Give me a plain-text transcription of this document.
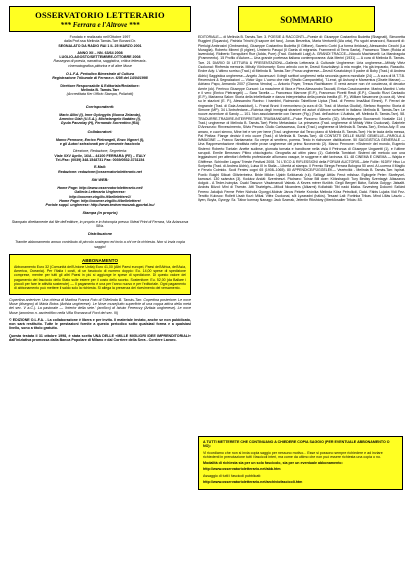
OSSERVATORIO LETTERARIO
*** Ferrara e l'Altrove ***

Fondato e realizzato nell'Ottobre 1997

dalla Prof.ssa Melinda Tamás-Tarr Bonani Dr.

SEGNALATO DA RADIO RAI 1 IL 25 MARZO 2001

ANNO XII – NN. 63/64 2008

LUGLIO-AGOSTO/SETTEMBRE-OTTOBRE 2008

Rassegna di poesia, narrativa, saggistica, critica letteraria-

cinematografica-pittorica e di altre Muse

O.L.F.A. Periodico Bimestrale di Cultura

Registrazione Tribunale di Ferrara n. 6/98 del 14/04/1998

Direttore Responsabile & Editoriale/Redattore:

Melinda B. Tamás-Tarr

(Accreditata Ker Ufficio Stampa, Poliziotti)

Corrispondenti:

Mario Allini (I), Imre Gyöngyös (Nuova Zelanda),

Americo Olah (U.S.A.), Michelangelo Naddeo (I),

Gyula Paczolay (H), Fernando Sorrentino (RA)

Collaboratori:

Marco Pennone, Enrico Pietrangeli, Enzo Vigneri (I),

e gli Autori selezionati per il presente fascicolo

Direzione, Redazione, Segreteria:

Viale XXV Aprile, 16/A – 44100 FERRARA (FE) – ITALY

Tel./Fax: (0039) 348.1548731 Fax: 0039/0532.3731154

E-Mail:

Redazione: redazione@osservatorioletterario.net

Siti WEB:

Home Page: http://www.osservatorioletterario.net/

Galleria Letteraria Ungherese:

http://xoomer.virgilio.it/bellelettere1/

Home Page: http://xoomer.virgilio.it/bellelettere/

Portale suppl. ungherese: http://www.testvermuszak.gportal.hu/

Stampa (in proprio)

Stampato direttamente dal file dell'editore, in proprio e in fotocopia presso l'Ideal Print di Ferrara, Via Arianuova 58/a.

Distribuzione

Tramite abbonamento annuo contributo di piccolo sostegno ed invio a chi ne fa richiesta. Non si invia copia saggio!

ABBONAMENTO
Abbonamento Euro 32 (Comunità dell'Unione Unita) Euro 41,00 (Altri Paesi europei, Paesi dell'Africa, dell'Asia, America, Oceania). Per l'Italia i costi, di un fascicolo di numero doppio: Eu. 14,00 spese di spedizione comprese, mentre per tutti gli altri Paesi in più si aggiunge le spese di spedizione. Di questo valore del pagamento del fascicolo dello Stato sulle estere per il costo dello sconto. Sostenitore: Eu. 52,00 (da Ballare i piccoli per fare le attività sostenute) — Il pagamento è una per l'anno nuovo e per l'editoriale. Ogni pagamento di abbonamento può mettere il saldo solo la richiesta. Si allega la presenza del ricevimento del versamento.

Copertina anteriore: Una chiesa di Martina Franca Foto di ©Melinda B. Tamás-Tarr. Copertina posteriore: Le nove Muse (disegno) di Mária Botos (Artista ungherese). Le Nove muse(tutto superficie di una coppa attica della metà del sec. V a.C.). La pastorale — 'Interior della sete.' (acrilico) di István Ferenczy (Artista ungherese). Le nove Muse (anonimo n. ascientifico nella Villa Romana di Ford del sec. III)

© EDIZIONE O.L.F.A. - La collaborazione è libera e per invito. Il materiale inviato, anche se non pubblicato, non sarà restituito. Tutte le prestazioni fornite a questo periodico sotto qualsiasi forma e a qualsiasi livello, sono a titolo gratuito.

Questa testata il 31 ottobre 1998, è stata scelta UNA DELLE «MILLE MIGLIORI IDEE IMPRENDITORIALI» dall'iniziativa promossa dalla Banca Popolare di Milano e dal Corriere della Sera - Corriere Lavoro.

SOMMARIO
EDITORIALE— di Melinda B. Tamás-Tarr. 3. POESIE & RACCONTI—Poesie di: Giuseppe Costantino Budetta (Sbagnati), Simonetta Ruggieri (Squarcio), Patrizia Trinchi (Il sapore del faro), Jonas Berzelius, Maria Venturelli (Ala orta), Pio sgubi amarcord, Raccontl di: Pierluigi Ambrosini (Ombramba), Giuseppe Costantino Budetta (Il Giffone), Saverio Corbi (La forma ibridosa), Alessandro Cecchi (La Muraglia). Roberto Mineni (Il pigiee), Umberto Pasqui (Il Gaeta di migranta. Frammenti di Terra Santa), Francesco Tilsen (Rolda al lavendola). Ridberto Tornquikeri Rue (Adda, Pure) (Trad. Giobbatii Luigi) A. GRANDI TRACCE—Niccolò Machiavelli: La Mandragola (Frammento). 15 Profilo d'Autore— Una grande poetessa italiana contemporanea: Ada Merini (1931) — A cura di Melinda B. Tamás-Tarr. 21 DIARIO DI LETTURA & PRESENTAZIONI—Galleria Letteraria & Culturale Ungherese: Liria ungherese—Mihály Vitéz Csokonai: Rinfresta memoria. Mihály Vörösmarty: Sono arbrolo con te, Dezső Kosztolányi: A mia moglie, Ha già imparato, Rassolto. Endre Ady: L'ultimo sorriso (Trad.) di Melinda B. Tamás-Tarr; Prosa ungherese—Dezső Kosztolányi: Il padre di Boby (Trad.) di Andrea Aldric) Saggistica ungherese—Angelo Jacomuzzi: Il degli scrittori ungheresi nella seconda guerra mondiale (24) — A cura di M.T.T.B. Recensioni & Segnalazioni — Victor Ugo: L'uomo che ride (Stralio Campaniello), T.Lenzi, gli Ashurqi e Marsentus (Gisele Manan) — Adriano Papo, Armando 2007 (Gianna Vendra) — Antonio Poyer, Tresus Rachtkaner: E verrà amore non c'è coscienza, di decatur Amrie (ok). Ferrinco Giuseppe Cursoni: La maschere di Ilicra e Pirea Alessandro Taccaiti, Errica Cosciosamine. Marina Mantini: L'orto e il vero (Enrico Pietrangeli) — Sara Tavella — Francesco Marrone (E.P.), Francesco Pivetti Reuti (E.P.), Claudio Rizzi Cantadio (E.P.), Marianna Salon: Storia della intellettuale e danza interpretativa della poesia inedita (E. P.), William Navarrone (a cura di). Versi su le stazioni (E. P.), Alessandro Ravino: I bambini, Raimondo Tabellione Lipica (Trad. di Ferenc ImaAlkai Eimmi), F. Ferrari de ringrande (Trad. di Gaia Amadoluri), L. Franzi Bruni: Il nemonismo (a cura di Gt. Trad. di Monica Giudici), Stefano Hogmiro: Storia di Simone (MP). 34 L'Antrofedane—Rubrica degli immigrati stranieri ed autori d'Altrove scriventi in italiano: Melinda B. Tamás-Tarr: Le nuove avventure di Sandy — 101. Non assolutamente con l'amore (Fig.) (Trad. dell'autrice: L'Autista, aff. Melinda B. Tamás-Tarr). 58. TRADURRE-TRADIRE-INTERPRETARE-TRASMANDARE—Pulce Pizzorno Sanelio (32). Michelangelo Buonarroti: Nostalie 114 ( Trad.) ungherese di Melinda B. Tamás-Tarr) Pietro Metastasio: La primavera (Trad. ungherese di Mihály Vitéz Csokonai). Gabriele D'Annunzio: Rinvescimento, Silvio Pecora: Giulio Carisacessa, Goral (Trad.) ungherese di Melinda B. Tamás-Tarr), Ernica Ady: È ora amaro, e cuori sienno, Mine bel e ver per bene (Trad. ungherese dal Terzo piano di Melinda B. Tamás-Tarr): Ha te tacia della messa, Pal Pinitza: Flange decisiv il mio cuore (Trad.) di Melinda B. Tamás-Tarr). 48 CONTATTI DELLE MUSE GEMELLE—PAROLA & IMMAGINE — Franco Santamaria: Su crepe al sentiero, poema. Testo in rialnovore distilluzione. 50 SAGGISTICA GENERALE — Una Rappresentazione ritrattista nelle prose ungherese del primo Novecento (2). Marco Pennone: «Sistemi» del mondo, Eugenio Sistemi: Roberto Tontale: Anette sudinse, giornata tornata e handbone nella visia il Petronoa di Giuseppe Ungaretti (1), e l'ultime scrupoli. Ermile Bensman: Pitino chiccisgiorto. Geografia ad ottim piano (1). Gabriella Tomistori: Sistemi del metodo con una leggiastrumi per attenitori d'effetto profesionale all'umano vasque, le soggene e altri lavinova. 61. 48 CINEMA E CINEMA — Wajda e Ghiffrese. Schindler Lagos/ Trieste Festival 2008. 74 L'ECO & RIFLESSIONI della FORUM AUCTORIS—Arte Follie: 91DRY Hlso Lo Scripetta (Trad. di Andrea Aldric), Luisa III in Stalia – Libertà al stampo. Il Premio Strega Ferrara Bologna 50 anni. A Lucerna il Maglio e Fenzio Colmido. Scoli Fenies cogni 65 (1908–1065). 80 APPENDICE/FÜGGELÉK— Vezércikk - Melinda B. Tamás-Tarr. Ispirat. Ponik: Buighi Silicat: Glitzterbeinz. Bride Mikke: Ujabb Sziklumak (r.k). Szilágyi Attila: Ferut mlishaz. Egilogele Peter: Sánfeyvel-kamoszi. 130 számára (3). Kodácz Andál: Szentneszi. Pádraeo: Tolnar Bill doer: Kötzshagoli: Tury Bedisy Szentagyi: Alászaros dolgok - A Teder-Iványka. Csaki Tasszor: Vásárnarudi Vakrak. A Kezes mérer fözöbb. Gegő Bergeri Bátor, Szilvia Golygy: Játsaltt. András Bözol: Mini di Tiverán. Atti Tisztelgés—Mikoli Nicanders (Alkarmi) Kollabáló Tibi nadó lidaka. Szvestreg Dokumi: Szilárd Ferenc Jakoljuk Ferme Péter Nichola Gyorgyi-Molnár János Fekete Krónika Melinda Kösz Petrolkoli, Dalci. Fábis Lujaks Vidi Fez-Tercitic Kulcsoc: Rollett Lisab Kozi: Mikai. Vitéz Csokonai, sőt Lyzaradni (hálós). Teszari Lali: Fortinka Trikas. Mind Lillás Lászlo – Ilyen, Boyla, Gyorgy: Sz. Tábor kormay Nanagy: Jack Szarrak, Jelentin Rikshány (Mentőcsaller Trikás: 83.

A TUTTI METTERETE CHE CONTINUANO A CHIEDERE COPIA SAGGIO (PER EVENTUALE ABBONAMENTO O NO):

Vi ricordiamo che non si invia copia saggio per nessuno motivo... Esse si possono sempre richiedere e ad inviare richiedenti in prenotazione tutti i fascicoli interi, ma come da ultimo che non può essere richiesta una copia o no.

Modalità di richiesta sia per un solo fascicolo, sia per un eventuale abbonamento:

http://www.osservatorioletterario.net/abb.htm

Assaggio di tutti i fascicoli pubblicati:

http://www.osservatorioletterario.net/archiviofascicoli.htm
